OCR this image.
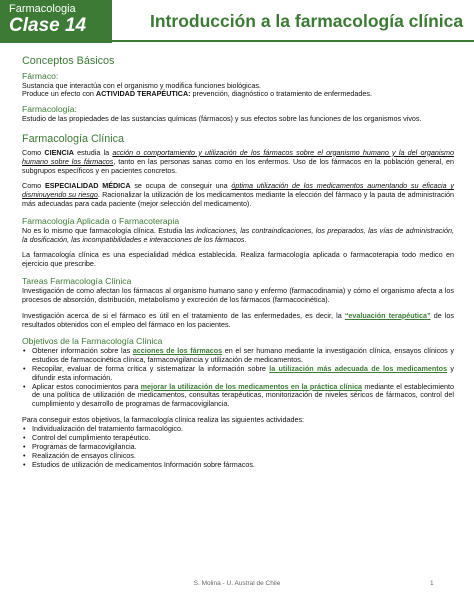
Farmacologia
Clase 14	Introducción a la farmacología clínica
Conceptos Básicos
Fármaco:

Sustancia que interactúa con el organismo y modifica funciones biológicas.

Produce un efecto con ACTIVIDAD TERAPÉUTICA: prevención, diagnóstico o tratamiento de enfermedades.

Farmacología:

Estudio de las propiedades de las sustancias químicas (fármacos) y sus efectos sobre las funciones de los organismos vivos.

Farmacología Clínica

Como CIENCIA estudia la acción o comportamiento y utilización de los fármacos sobre el organismo humano y la del organismo humano sobre los fármacos, tanto en las personas sanas como en los enfermos. Uso de los fármacos en la población general, en subgrupos específicos y en pacientes concretos.

Como ESPECIALIDAD MÉDICA se ocupa de conseguir una óptima utilización de los medicamentos aumentando su eficacia y disminuyendo su riesgo. Racionalizar la utilización de los medicamentos mediante la elección del fármaco y la pauta de administración más adecuadas para cada paciente (mejor selección del medicamento).

Farmacología Aplicada o Farmacoterapia

No es lo mismo que farmacología clínica. Estudia las indicaciones, las contraindicaciones, los preparados, las vías de administración, la dosificación, las incompatibilidades e interacciones de los fármacos.

La farmacología clínica es una especialidad médica establecida. Realiza farmacología aplicada o farmacoterapia todo medico en ejercicio que prescribe.

Tareas Farmacología Clínica

Investigación de como afectan los fármacos al organismo humano sano y enfermo (farmacodinamia) y cómo el organismo afecta a los procesos de absorción, distribución, metabolismo y excreción de los fármacos (farmacocinética).

Investigación acerca de si el fármaco es útil en el tratamiento de las enfermedades, es decir, la “evaluación terapéutica” de los resultados obtenidos con el empleo del fármaco en los pacientes.

Objetivos de la Farmacología Clínica
• Obtener información sobre las acciones de los fármacos en el ser humano mediante la investigación clínica, ensayos clínicos y estudios de farmacocinética clínica, farmacovigilancia y utilización de medicamentos.
• Recopilar, evaluar de forma crítica y sistematizar la información sobre la utilización más adecuada de los medicamentos y difundir esta información.
• Aplicar estos conocimientos para mejorar la utilización de los medicamentos en la práctica clínica mediante el establecimiento de una política de utilización de medicamentos, consultas terapéuticas, monitorización de niveles séricos de fármacos, control del cumplimiento y desarrollo de programas de farmacovigilancia.

Para conseguir estos objetivos, la farmacología clínica realiza las siguientes actividades:

• Individualización del tratamiento farmacológico.
• Control del cumplimiento terapéutico.
• Programas de farmacovigilancia.
• Realización de ensayos clínicos.
• Estudios de utilización de medicamentos Información sobre fármacos.
S. Molina - U. Austral de Chile	1
